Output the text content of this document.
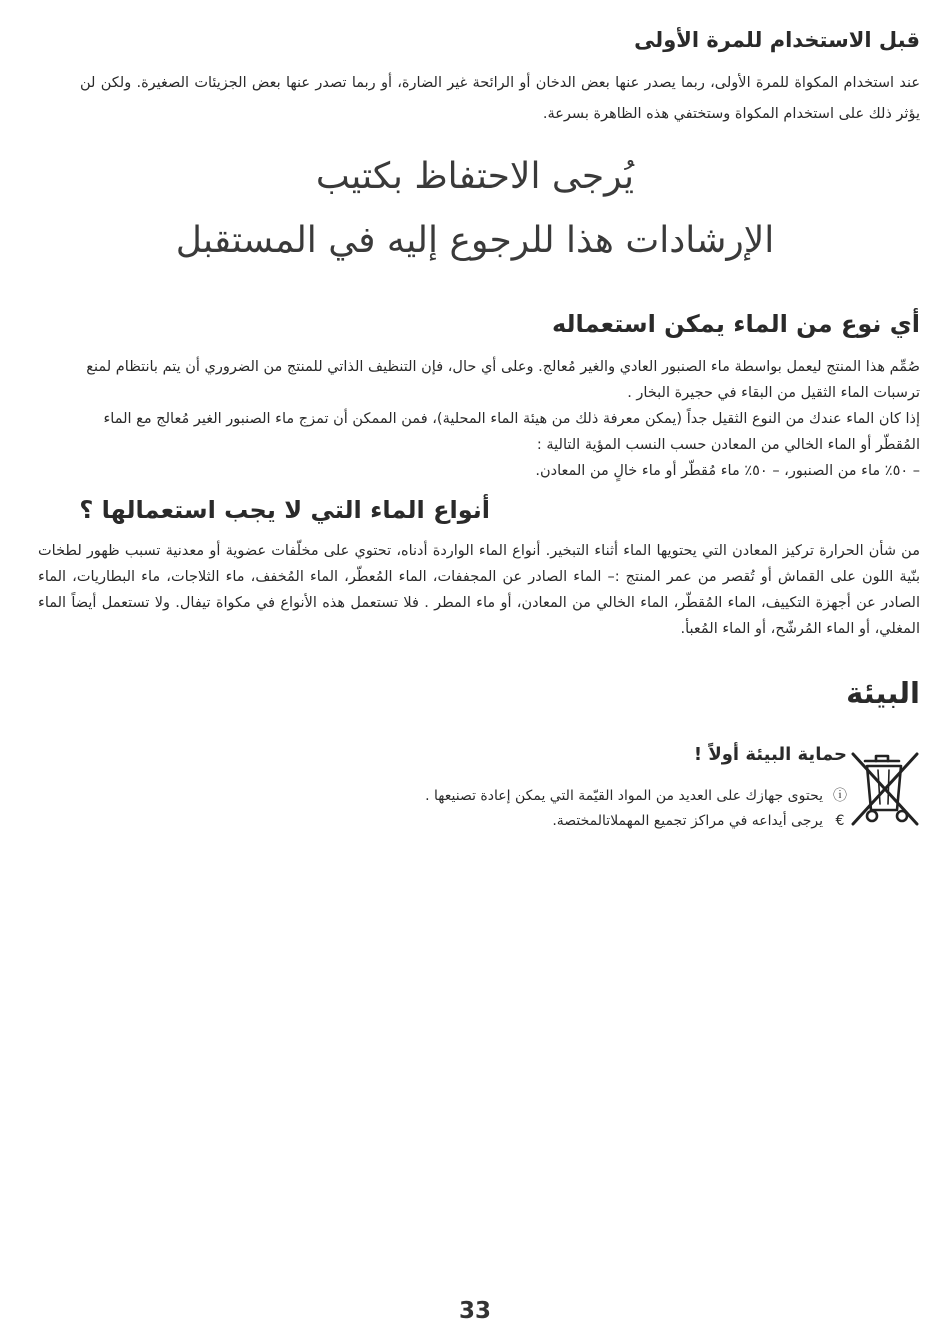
قبل الاستخدام للمرة الأولى
عند استخدام المكواة للمرة الأولى، ربما يصدر عنها بعض الدخان أو الرائحة غير الضارة، أو ربما تصدر عنها بعض الجزيئات الصغيرة. ولكن لن يؤثر ذلك على استخدام المكواة وستختفي هذه الظاهرة بسرعة.
يُرجى الاحتفاظ بكتيب
الإرشادات هذا للرجوع إليه في المستقبل
أي نوع من الماء يمكن استعماله
صُمِّم هذا المنتج ليعمل بواسطة ماء الصنبور العادي والغير مُعالج. وعلى أي حال، فإن التنظيف الذاتي للمنتج من الضروري أن يتم بانتظام لمنع ترسبات الماء الثقيل من البقاء في حجيرة البخار .
إذا كان الماء عندك من النوع الثقيل جداً (يمكن معرفة ذلك من هيئة الماء المحلية)، فمن الممكن أن تمزج ماء الصنبور الغير مُعالج مع الماء المُقطّر أو الماء الخالي من المعادن حسب النسب المؤية التالية :
– ٥٠٪ ماء من الصنبور، – ٥٠٪ ماء مُقطّر أو ماء خالٍ من المعادن.
أنواع الماء التي لا يجب استعمالها ؟
من شأن الحرارة تركيز المعادن التي يحتويها الماء أثناء التبخير. أنواع الماء الواردة أدناه، تحتوي على مخلّفات عضوية أو معدنية تسبب ظهور لطخات بنّية اللون على القماش أو تُقصر من عمر المنتج :– الماء الصادر عن المجففات، الماء المُعطّر، الماء المُخفف، ماء الثلاجات، ماء البطاريات، الماء الصادر عن أجهزة التكييف، الماء المُقطّر، الماء الخالي من المعادن، أو ماء المطر . فلا تستعمل هذه الأنواع في مكواة تيفال. ولا تستعمل أيضاً الماء المغلي، أو الماء المُرشّح، أو الماء المُعبأ.
البيئة
حماية البيئة أولاً !
ⓘ
يحتوى جهازك على العديد من المواد القيّمة التي يمكن إعادة تصنيعها .
€
يرجى أيداعه في مراكز تجميع المهملاتالمختصة.
33
